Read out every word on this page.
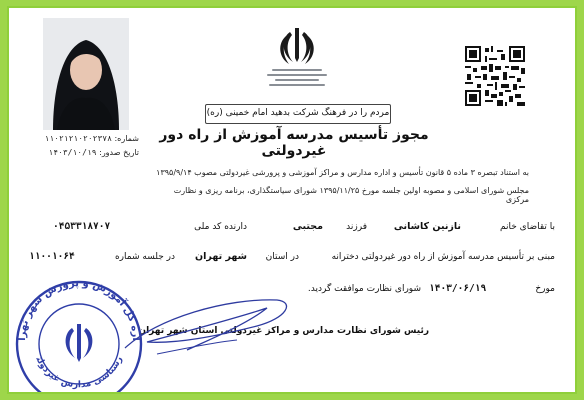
مردم را در فرهنگ شرکت بدهید امام خمینی (ره)
شماره: ۱۱۰۲۱۲۱۰۲۰۲۳۷۸
تاریخ صدور: ۱۴۰۳/۱۰/۱۹
مجوز تأسیس مدرسه آموزش از راه دور غیردولتی
به استناد تبصره ۳ ماده ۵ قانون تأسیس و اداره مدارس و مراکز آموزشی و پرورشی غیردولتی مصوب ۱۳۹۵/۹/۱۴
مجلس شورای اسلامی و مصوبه اولین جلسه مورخ ۱۳۹۵/۱۱/۲۵ شورای سیاستگذاری، برنامه ریزی و نظارت مرکزی
با تقاضای خانم
نازنین کاشانی
فرزند
مجتبی
دارنده کد ملی
۰۴۵۳۳۱۸۷۰۷
مبنی بر تأسیس مدرسه آموزش از راه دور غیردولتی دخترانه
در استان
شهر تهران
در جلسه شماره
۱۱۰۰۱۰۶۴
مورخ
۱۴۰۳/۰۶/۱۹
شورای نظارت موافقت گردید.
رئیس شورای نظارت مدارس و مراکز غیردولتی استان شهر تهران
اره کل آموزش و پرورش شهر تهرا
رشناسی مدارس غیردولت
